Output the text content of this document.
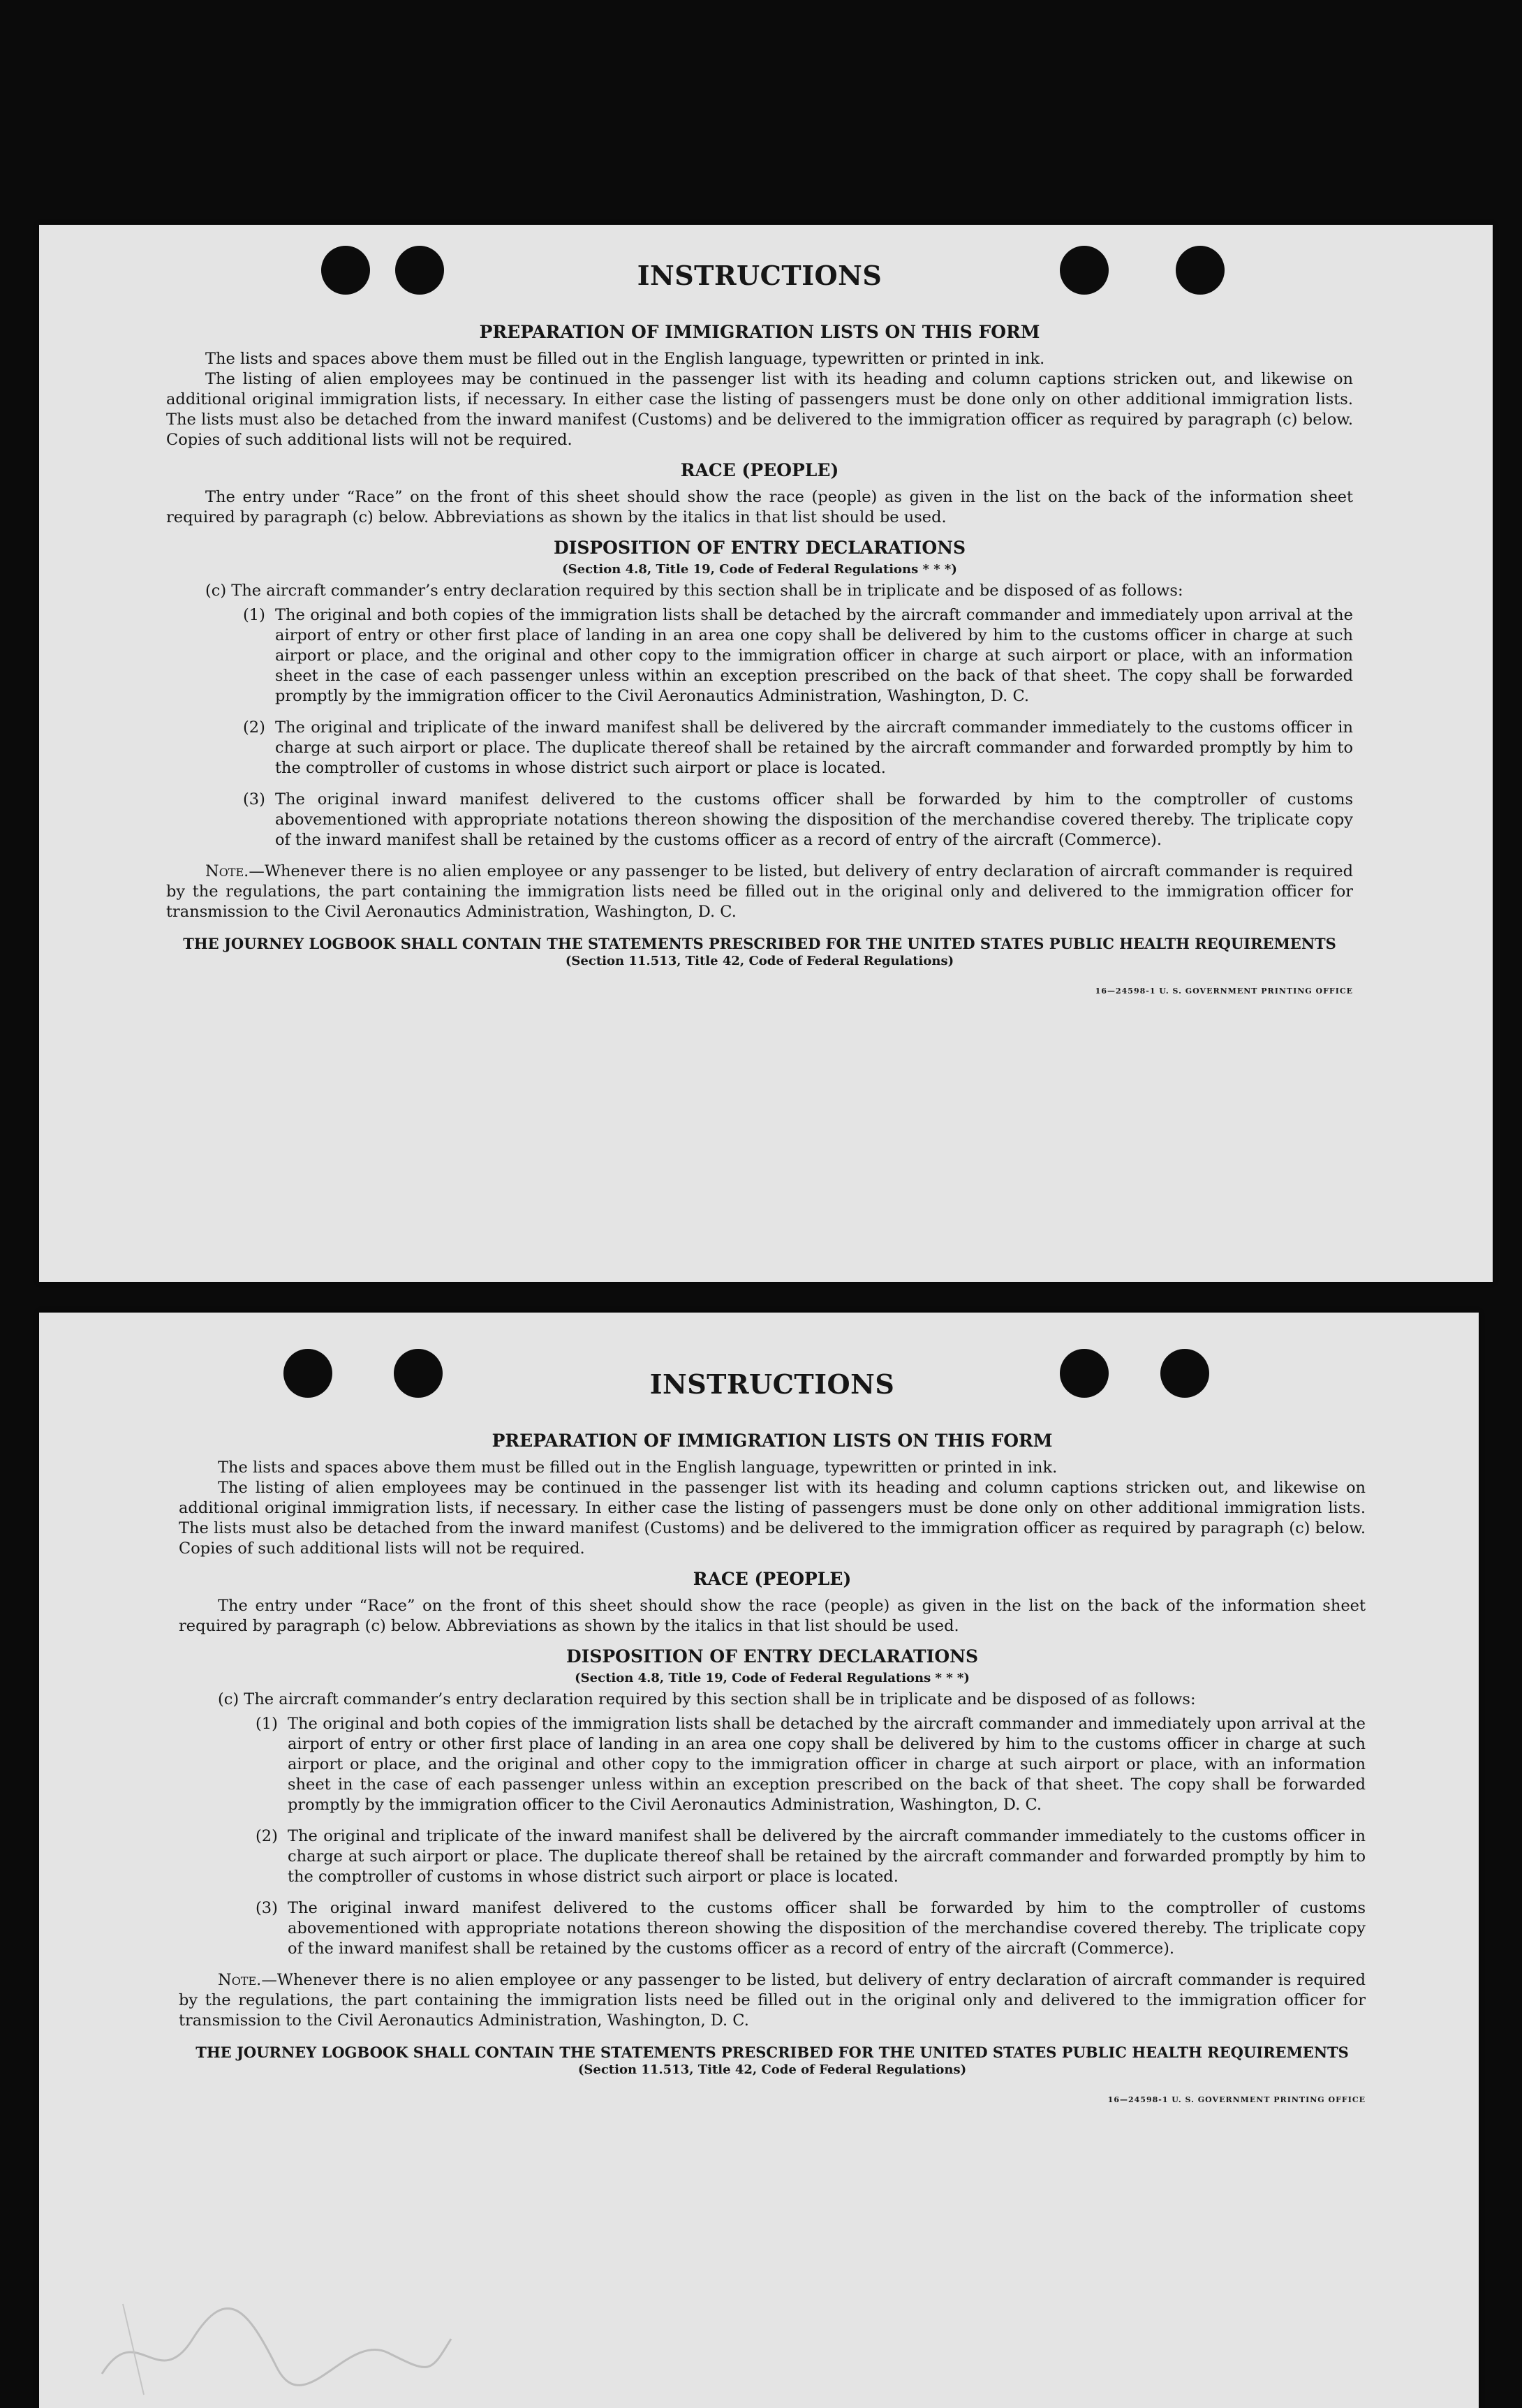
INSTRUCTIONS
PREPARATION OF IMMIGRATION LISTS ON THIS FORM

The lists and spaces above them must be filled out in the English language, typewritten or printed in ink.

The listing of alien employees may be continued in the passenger list with its heading and column captions stricken out, and likewise on additional original immigration lists, if necessary. In either case the listing of passengers must be done only on other additional immigration lists. The lists must also be detached from the inward manifest (Customs) and be delivered to the immigration officer as required by paragraph (c) below. Copies of such additional lists will not be required.

RACE (PEOPLE)

The entry under “Race” on the front of this sheet should show the race (people) as given in the list on the back of the information sheet required by paragraph (c) below. Abbreviations as shown by the italics in that list should be used.

DISPOSITION OF ENTRY DECLARATIONS
(Section 4.8, Title 19, Code of Federal Regulations * * *)

(c) The aircraft commander’s entry declaration required by this section shall be in triplicate and be disposed of as follows:

(1) The original and both copies of the immigration lists shall be detached by the aircraft commander and immediately upon arrival at the airport of entry or other first place of landing in an area one copy shall be delivered by him to the customs officer in charge at such airport or place, and the original and other copy to the immigration officer in charge at such airport or place, with an information sheet in the case of each passenger unless within an exception prescribed on the back of that sheet. The copy shall be forwarded promptly by the immigration officer to the Civil Aeronautics Administration, Washington, D. C.

(2) The original and triplicate of the inward manifest shall be delivered by the aircraft commander immediately to the customs officer in charge at such airport or place. The duplicate thereof shall be retained by the aircraft commander and forwarded promptly by him to the comptroller of customs in whose district such airport or place is located.

(3) The original inward manifest delivered to the customs officer shall be forwarded by him to the comptroller of customs abovementioned with appropriate notations thereon showing the disposition of the merchandise covered thereby. The triplicate copy of the inward manifest shall be retained by the customs officer as a record of entry of the aircraft (Commerce).

Note.—Whenever there is no alien employee or any passenger to be listed, but delivery of entry declaration of aircraft commander is required by the regulations, the part containing the immigration lists need be filled out in the original only and delivered to the immigration officer for transmission to the Civil Aeronautics Administration, Washington, D. C.

THE JOURNEY LOGBOOK SHALL CONTAIN THE STATEMENTS PRESCRIBED FOR THE UNITED STATES PUBLIC HEALTH REQUIREMENTS
(Section 11.513, Title 42, Code of Federal Regulations)
16—24598-1 U. S. GOVERNMENT PRINTING OFFICE
INSTRUCTIONS
PREPARATION OF IMMIGRATION LISTS ON THIS FORM

The lists and spaces above them must be filled out in the English language, typewritten or printed in ink.

The listing of alien employees may be continued in the passenger list with its heading and column captions stricken out, and likewise on additional original immigration lists, if necessary. In either case the listing of passengers must be done only on other additional immigration lists. The lists must also be detached from the inward manifest (Customs) and be delivered to the immigration officer as required by paragraph (c) below. Copies of such additional lists will not be required.

RACE (PEOPLE)

The entry under “Race” on the front of this sheet should show the race (people) as given in the list on the back of the information sheet required by paragraph (c) below. Abbreviations as shown by the italics in that list should be used.

DISPOSITION OF ENTRY DECLARATIONS
(Section 4.8, Title 19, Code of Federal Regulations * * *)

(c) The aircraft commander’s entry declaration required by this section shall be in triplicate and be disposed of as follows:

(1) The original and both copies of the immigration lists shall be detached by the aircraft commander and immediately upon arrival at the airport of entry or other first place of landing in an area one copy shall be delivered by him to the customs officer in charge at such airport or place, and the original and other copy to the immigration officer in charge at such airport or place, with an information sheet in the case of each passenger unless within an exception prescribed on the back of that sheet. The copy shall be forwarded promptly by the immigration officer to the Civil Aeronautics Administration, Washington, D. C.

(2) The original and triplicate of the inward manifest shall be delivered by the aircraft commander immediately to the customs officer in charge at such airport or place. The duplicate thereof shall be retained by the aircraft commander and forwarded promptly by him to the comptroller of customs in whose district such airport or place is located.

(3) The original inward manifest delivered to the customs officer shall be forwarded by him to the comptroller of customs abovementioned with appropriate notations thereon showing the disposition of the merchandise covered thereby. The triplicate copy of the inward manifest shall be retained by the customs officer as a record of entry of the aircraft (Commerce).

Note.—Whenever there is no alien employee or any passenger to be listed, but delivery of entry declaration of aircraft commander is required by the regulations, the part containing the immigration lists need be filled out in the original only and delivered to the immigration officer for transmission to the Civil Aeronautics Administration, Washington, D. C.

THE JOURNEY LOGBOOK SHALL CONTAIN THE STATEMENTS PRESCRIBED FOR THE UNITED STATES PUBLIC HEALTH REQUIREMENTS
(Section 11.513, Title 42, Code of Federal Regulations)
16—24598-1 U. S. GOVERNMENT PRINTING OFFICE
